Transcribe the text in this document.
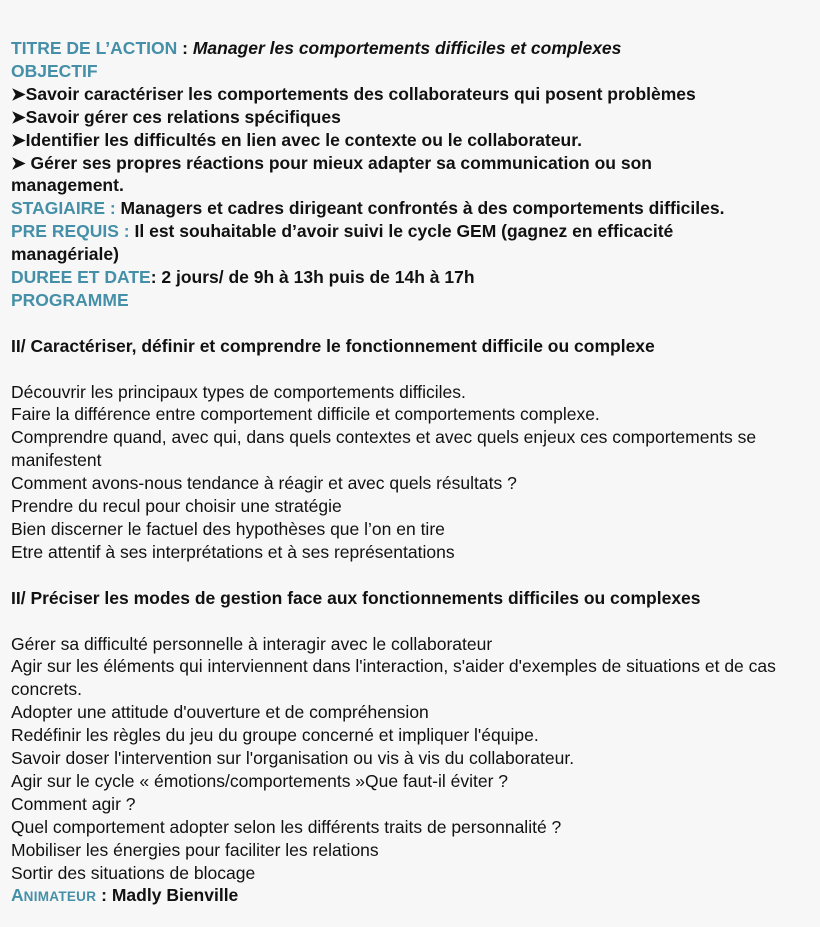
TITRE DE L’ACTION : Manager les comportements difficiles et complexes
OBJECTIF
➤Savoir caractériser les comportements des collaborateurs qui posent problèmes
➤Savoir gérer ces relations spécifiques
➤Identifier les difficultés en lien avec le contexte ou le collaborateur.
➤ Gérer ses propres réactions pour mieux adapter sa communication ou son management.
STAGIAIRE : Managers et cadres dirigeant confrontés à des comportements difficiles.
PRE REQUIS : Il est souhaitable d’avoir suivi le cycle GEM (gagnez en efficacité managériale)
DUREE ET DATE: 2 jours/ de 9h à 13h puis de 14h à 17h
PROGRAMME
II/ Caractériser, définir et comprendre le fonctionnement difficile ou complexe
Découvrir les principaux types de comportements difficiles.
Faire la différence entre comportement difficile et comportements complexe.
Comprendre quand, avec qui, dans quels contextes et avec quels enjeux ces comportements se manifestent
Comment avons-nous tendance à réagir et avec quels résultats ?
Prendre du recul pour choisir une stratégie
Bien discerner le factuel des hypothèses que l’on en tire
Etre attentif à ses interprétations et à ses représentations
II/ Préciser les modes de gestion face aux fonctionnements difficiles ou complexes
Gérer sa difficulté personnelle à interagir avec le collaborateur
Agir sur les éléments qui interviennent dans l'interaction, s'aider d'exemples de situations et de cas concrets.
Adopter une attitude d'ouverture et de compréhension
Redéfinir les règles du jeu du groupe concerné et impliquer l'équipe.
Savoir doser l'intervention sur l'organisation ou vis à vis du collaborateur.
Agir sur le cycle « émotions/comportements »Que faut-il éviter ?
Comment agir ?
Quel comportement adopter selon les différents traits de personnalité ?
Mobiliser les énergies pour faciliter les relations
Sortir des situations de blocage
ANIMATEUR : Madly Bienville
